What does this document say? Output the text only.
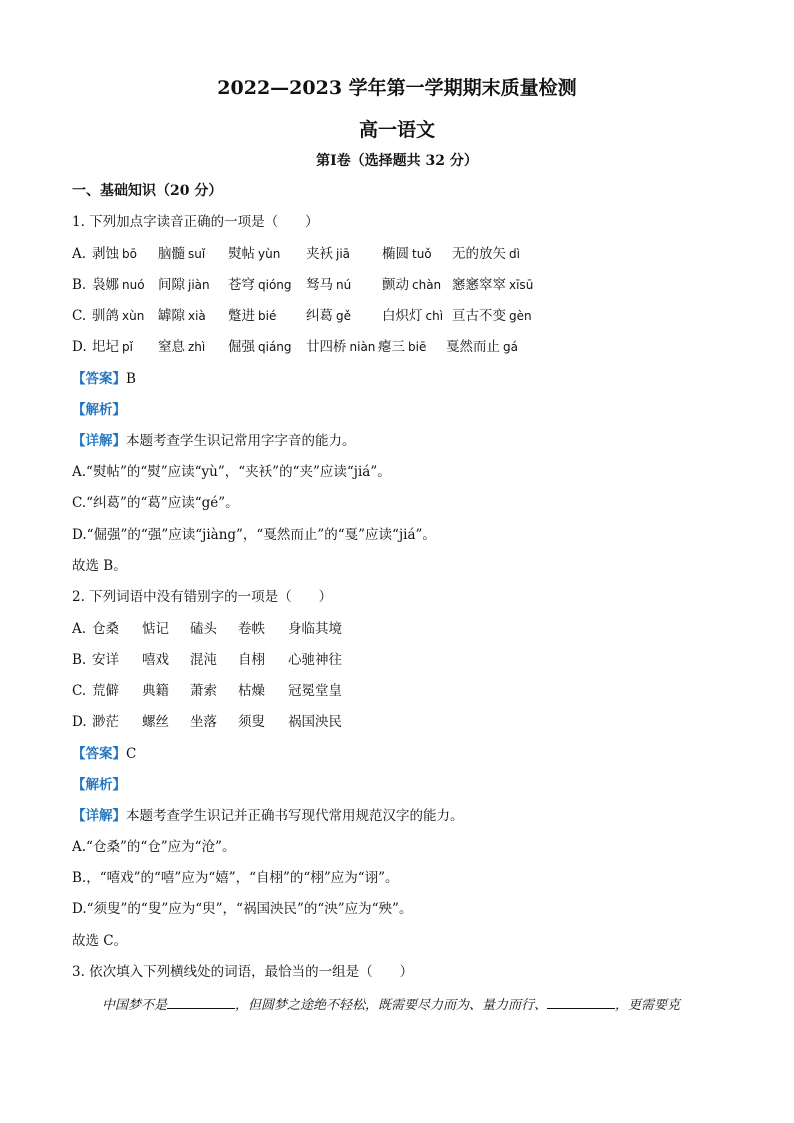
2022—2023 学年第一学期期末质量检测
高一语文
第Ⅰ卷（选择题共 32 分）
一、基础知识（20 分）
1. 下列加点字读音正确的一项是（　　）
A. 剥蚀 bō 脑髓 suǐ 熨帖 yùn 夹袄 jiā 椭圆 tuǒ 无的放矢 dì
B. 袅娜 nuó 间隙 jiàn 苍穹 qióng 驽马 nú 颤动 chàn 窸窸窣窣 xīsū
C. 驯鸽 xùn 罅隙 xià 蹩进 bié 纠葛 gě 白炽灯 chì 亘古不变 gèn
D. 圯圮 pǐ 窒息 zhì 倔强 qiáng 廿四桥 niàn 瘪三 biē 戛然而止 gá
【答案】B
【解析】
【详解】本题考查学生识记常用字字音的能力。
A.“熨帖”的“熨”应读“yù”，“夹袄”的“夹”应读“jiá”。
C.“纠葛”的“葛”应读“gé”。
D.“倔强”的“强”应读“jiàng”，“戛然而止”的“戛”应读“jiá”。
故选 B。
2. 下列词语中没有错别字的一项是（　　）
A. 仓桑 惦记 磕头 卷帙 身临其境
B. 安详 嘻戏 混沌 自栩 心驰神往
C. 荒僻 典籍 萧索 枯燥 冠冕堂皇
D. 渺茫 螺丝 坐落 须叟 祸国泱民
【答案】C
【解析】
【详解】本题考查学生识记并正确书写现代常用规范汉字的能力。
A.“仓桑”的“仓”应为“沧”。
B.，“嘻戏”的“嘻”应为“嬉”，“自栩”的“栩”应为“诩”。
D.“须叟”的“叟”应为“臾”，“祸国泱民”的“泱”应为“殃”。
故选 C。
3. 依次填入下列横线处的词语，最恰当的一组是（　　）
中国梦不是	，但圆梦之途绝不轻松，既需要尽力而为、量力而行、	，更需要克
